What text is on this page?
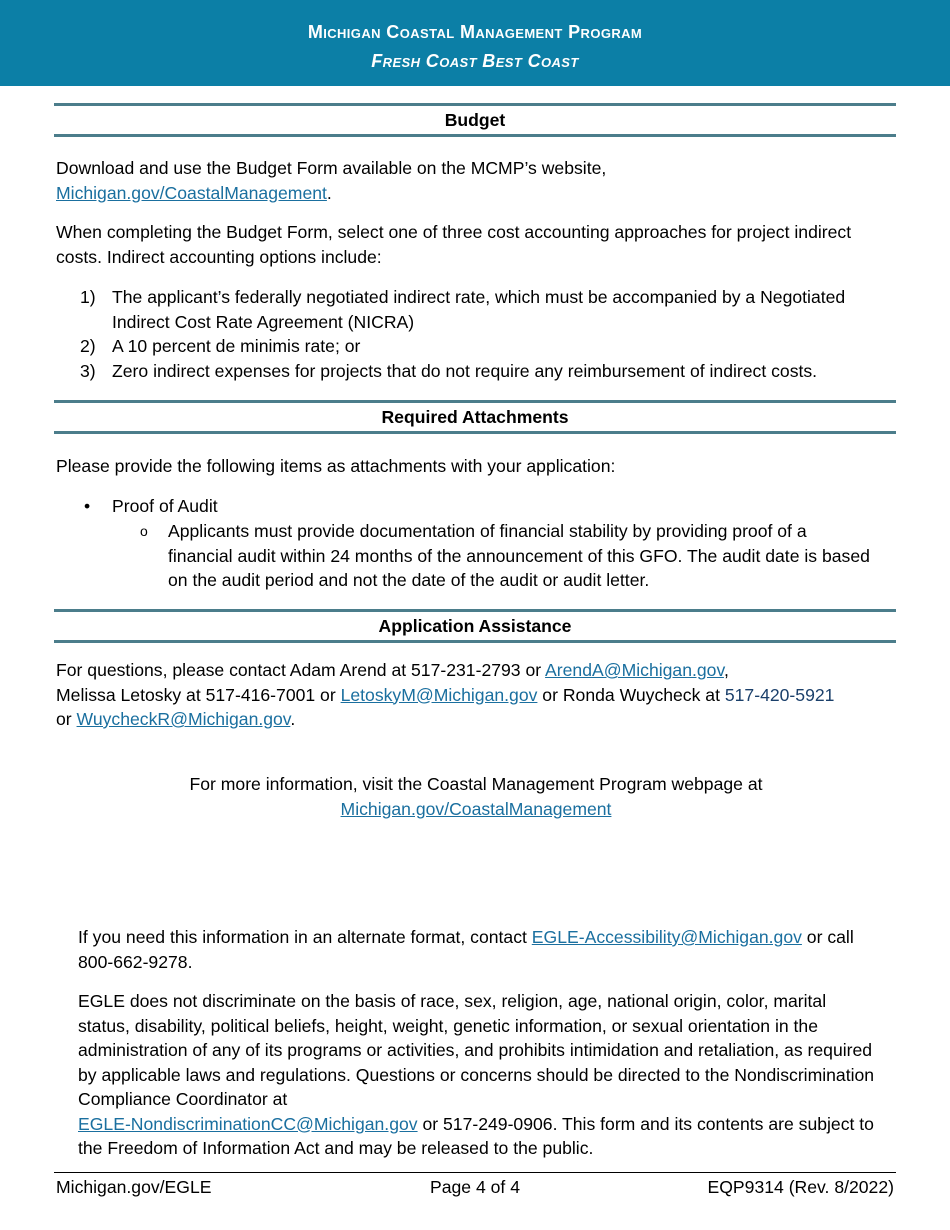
Michigan Coastal Management Program
Fresh Coast Best Coast
Budget

Download and use the Budget Form available on the MCMP’s website,
Michigan.gov/CoastalManagement.

When completing the Budget Form, select one of three cost accounting approaches for project indirect costs. Indirect accounting options include:
1) The applicant’s federally negotiated indirect rate, which must be accompanied by a Negotiated Indirect Cost Rate Agreement (NICRA)
2) A 10 percent de minimis rate; or
3) Zero indirect expenses for projects that do not require any reimbursement of indirect costs.
Required Attachments
Please provide the following items as attachments with your application:
•	Proof of Audit
o	Applicants must provide documentation of financial stability by providing proof of a financial audit within 24 months of the announcement of this GFO. The audit date is based on the audit period and not the date of the audit or audit letter.
Application Assistance
For questions, please contact Adam Arend at 517-231-2793 or ArendA@Michigan.gov,
Melissa Letosky at 517-416-7001 or LetoskyM@Michigan.gov or Ronda Wuycheck at 517-420-5921
or WuycheckR@Michigan.gov.
For more information, visit the Coastal Management Program webpage at
Michigan.gov/CoastalManagement
If you need this information in an alternate format, contact EGLE-Accessibility@Michigan.gov or call 800-662-9278.
EGLE does not discriminate on the basis of race, sex, religion, age, national origin, color, marital status, disability, political beliefs, height, weight, genetic information, or sexual orientation in the administration of any of its programs or activities, and prohibits intimidation and retaliation, as required by applicable laws and regulations. Questions or concerns should be directed to the Nondiscrimination Compliance Coordinator at
EGLE-NondiscriminationCC@Michigan.gov or 517-249-0906. This form and its contents are subject to the Freedom of Information Act and may be released to the public.
Michigan.gov/EGLE	Page 4 of 4	EQP9314 (Rev. 8/2022)
